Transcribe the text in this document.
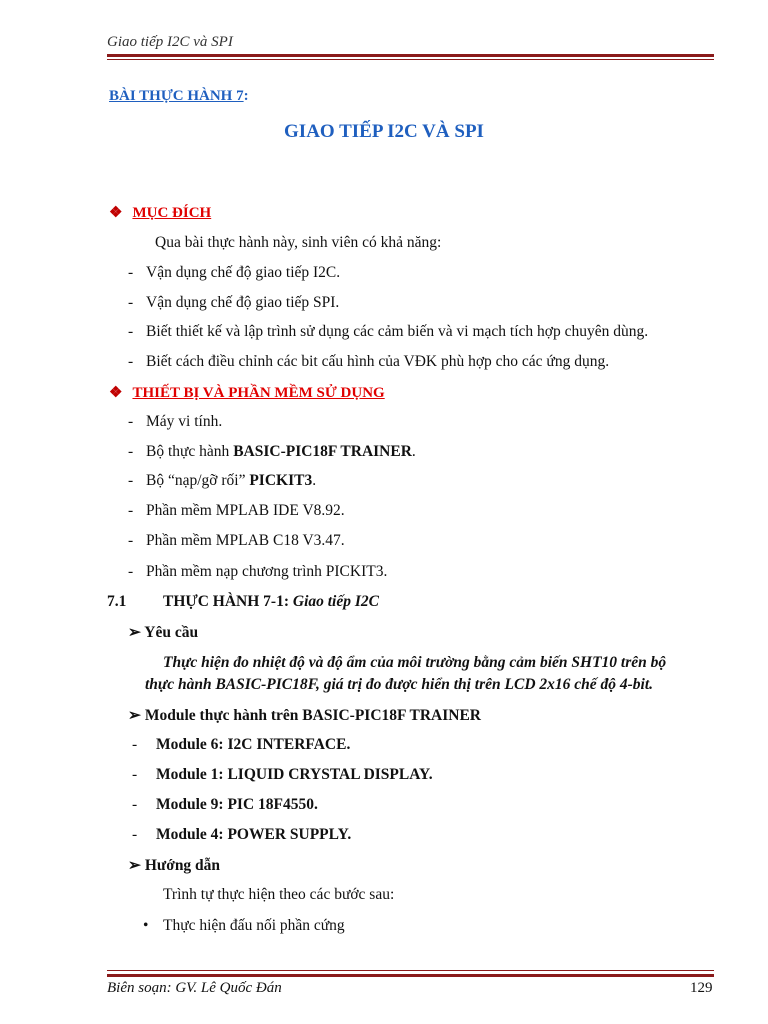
Giao tiếp I2C và SPI
BÀI THỰC HÀNH 7:
GIAO TIẾP I2C VÀ SPI
❖ MỤC ĐÍCH
Qua bài thực hành này, sinh viên có khả năng:
- Vận dụng chế độ giao tiếp I2C.
- Vận dụng chế độ giao tiếp SPI.
- Biết thiết kế và lập trình sử dụng các cảm biến và vi mạch tích hợp chuyên dùng.
- Biết cách điều chỉnh các bit cấu hình của VĐK phù hợp cho các ứng dụng.
❖ THIẾT BỊ VÀ PHẦN MỀM SỬ DỤNG
- Máy vi tính.
- Bộ thực hành BASIC-PIC18F TRAINER.
- Bộ “nạp/gỡ rối” PICKIT3.
- Phần mềm MPLAB IDE V8.92.
- Phần mềm MPLAB C18 V3.47.
- Phần mềm nạp chương trình PICKIT3.
7.1 THỰC HÀNH 7-1: Giao tiếp I2C
➢ Yêu cầu
Thực hiện đo nhiệt độ và độ ẩm của môi trường bằng cảm biến SHT10 trên bộ
thực hành BASIC-PIC18F, giá trị đo được hiển thị trên LCD 2x16 chế độ 4-bit.
➢ Module thực hành trên BASIC-PIC18F TRAINER
- Module 6: I2C INTERFACE.
- Module 1: LIQUID CRYSTAL DISPLAY.
- Module 9: PIC 18F4550.
- Module 4: POWER SUPPLY.
➢ Hướng dẫn
Trình tự thực hiện theo các bước sau:
• Thực hiện đấu nối phần cứng
Biên soạn: GV. Lê Quốc Đán	129
